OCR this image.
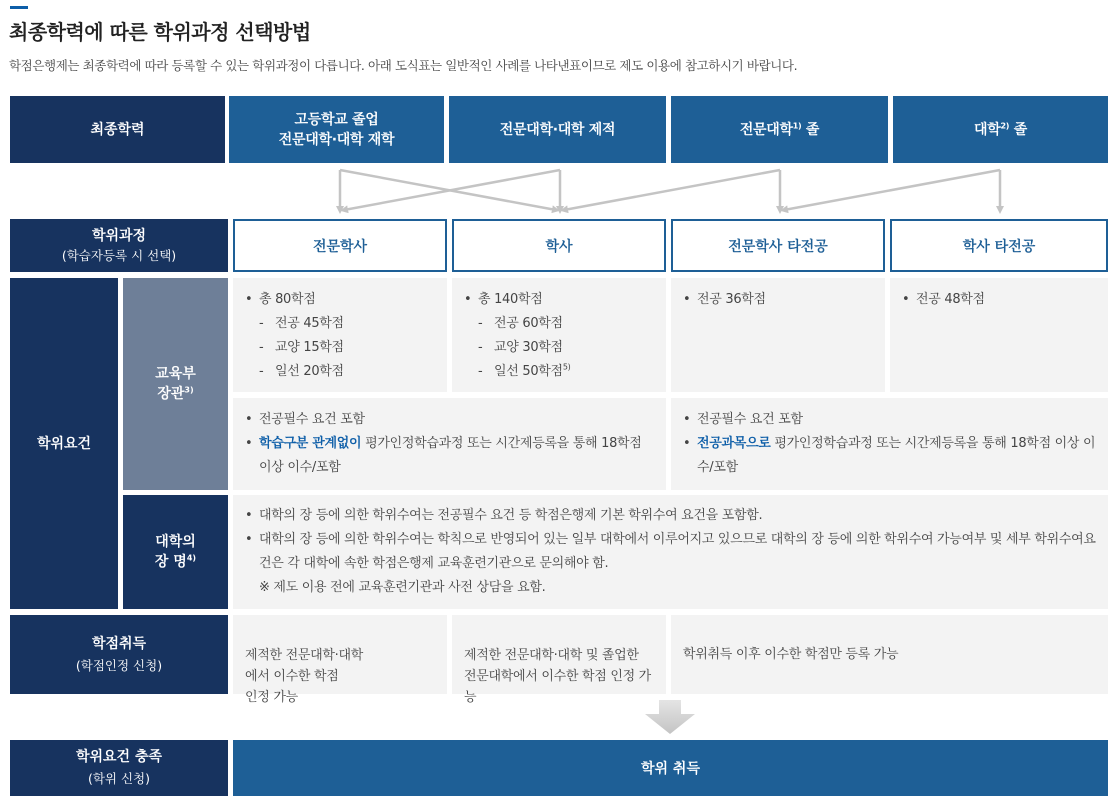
최종학력에 따른 학위과정 선택방법
학점은행제는 최종학력에 따라 등록할 수 있는 학위과정이 다릅니다. 아래 도식표는 일반적인 사례를 나타낸표이므로 제도 이용에 참고하시기 바랍니다.
최종학력
고등학교 졸업
전문대학·대학 재학
전문대학·대학 제적	전문대학$^{1)}$ 졸	대학$^{2)}$ 졸
학위과정
(학습자등록 시 선택)
전문학사	학사	전문학사 타전공	학사 타전공
학위요건
교육부
장관$^{3)}$
• 총 80학점
- 전공 45학점
- 교양 15학점
- 일선 20학점
• 총 140학점
- 전공 60학점
- 교양 30학점
- 일선 50학점$^{5)}$
• 전공 36학점
•	전공 48학점
• 전공필수 요건 포함
• 학습구분 관계없이 평가인정학습과정 또는 시간제등록을 통해 18학점 이상 이수/포함
• 전공필수 요건 포함
• 전공과목으로 평가인정학습과정 또는 시간제등록을 통해 18학점 이상 이수/포함
대학의
장 명$^{4)}$
• 대학의 장 등에 의한 학위수여는 전공필수 요건 등 학점은행제 기본 학위수여 요건을 포함함.
• 대학의 장 등에 의한 학위수여는 학칙으로 반영되어 있는 일부 대학에서 이루어지고 있으므로 대학의 장 등에 의한 학위수여 가능여부 및 세부 학위수여요건은 각 대학에 속한 학점은행제 교육훈련기관으로 문의해야 함.
※ 제도 이용 전에 교육훈련기관과 사전 상담을 요함.
학점취득
(학점인정 신청)

제적한 전문대학·대학
에서 이수한 학점
인정 가능

제적한 전문대학·대학 및 졸업한
전문대학에서 이수한 학점 인정 가
능

학위취득 이후 이수한 학점만 등록 가능
학위요건 충족
(학위 신청)
학위 취득
